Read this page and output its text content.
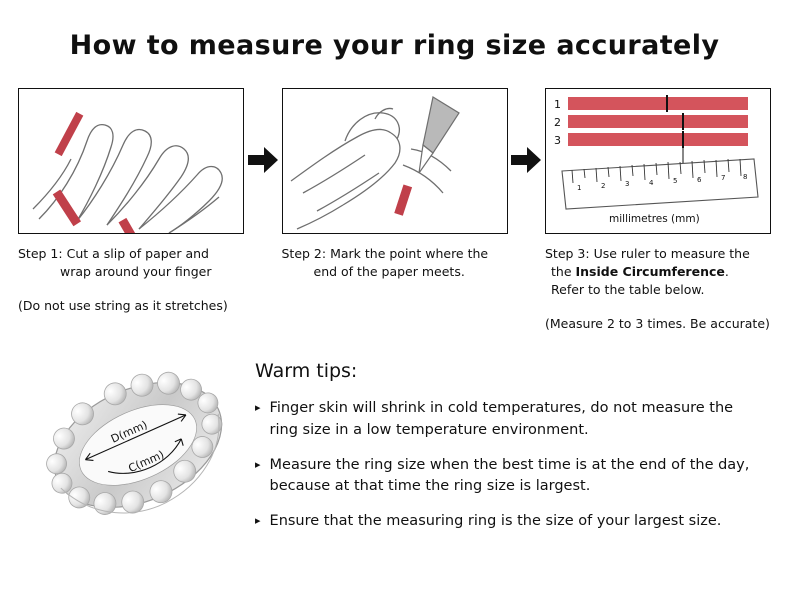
How to measure your ring size accurately
Step 1: Cut a slip of paper and
wrap around your finger
(Do not use string as it stretches)
Step 2: Mark the point where the
end of the paper meets.
1
2
3
1	2	3	4	5	6	7	8
millimetres (mm)
Step 3: Use ruler to measure the
the Inside Circumference.
Refer to the table below.
(Measure 2 to 3 times. Be accurate)
D(mm)
C(mm)
Warm tips:
▸ Finger skin will shrink in cold temperatures, do not measure the ring size in a low temperature environment.
▸ Measure the ring size when the best time is at the end of the day, because at that time the ring size is largest.
▸ Ensure that the measuring ring is the size of your largest size.
